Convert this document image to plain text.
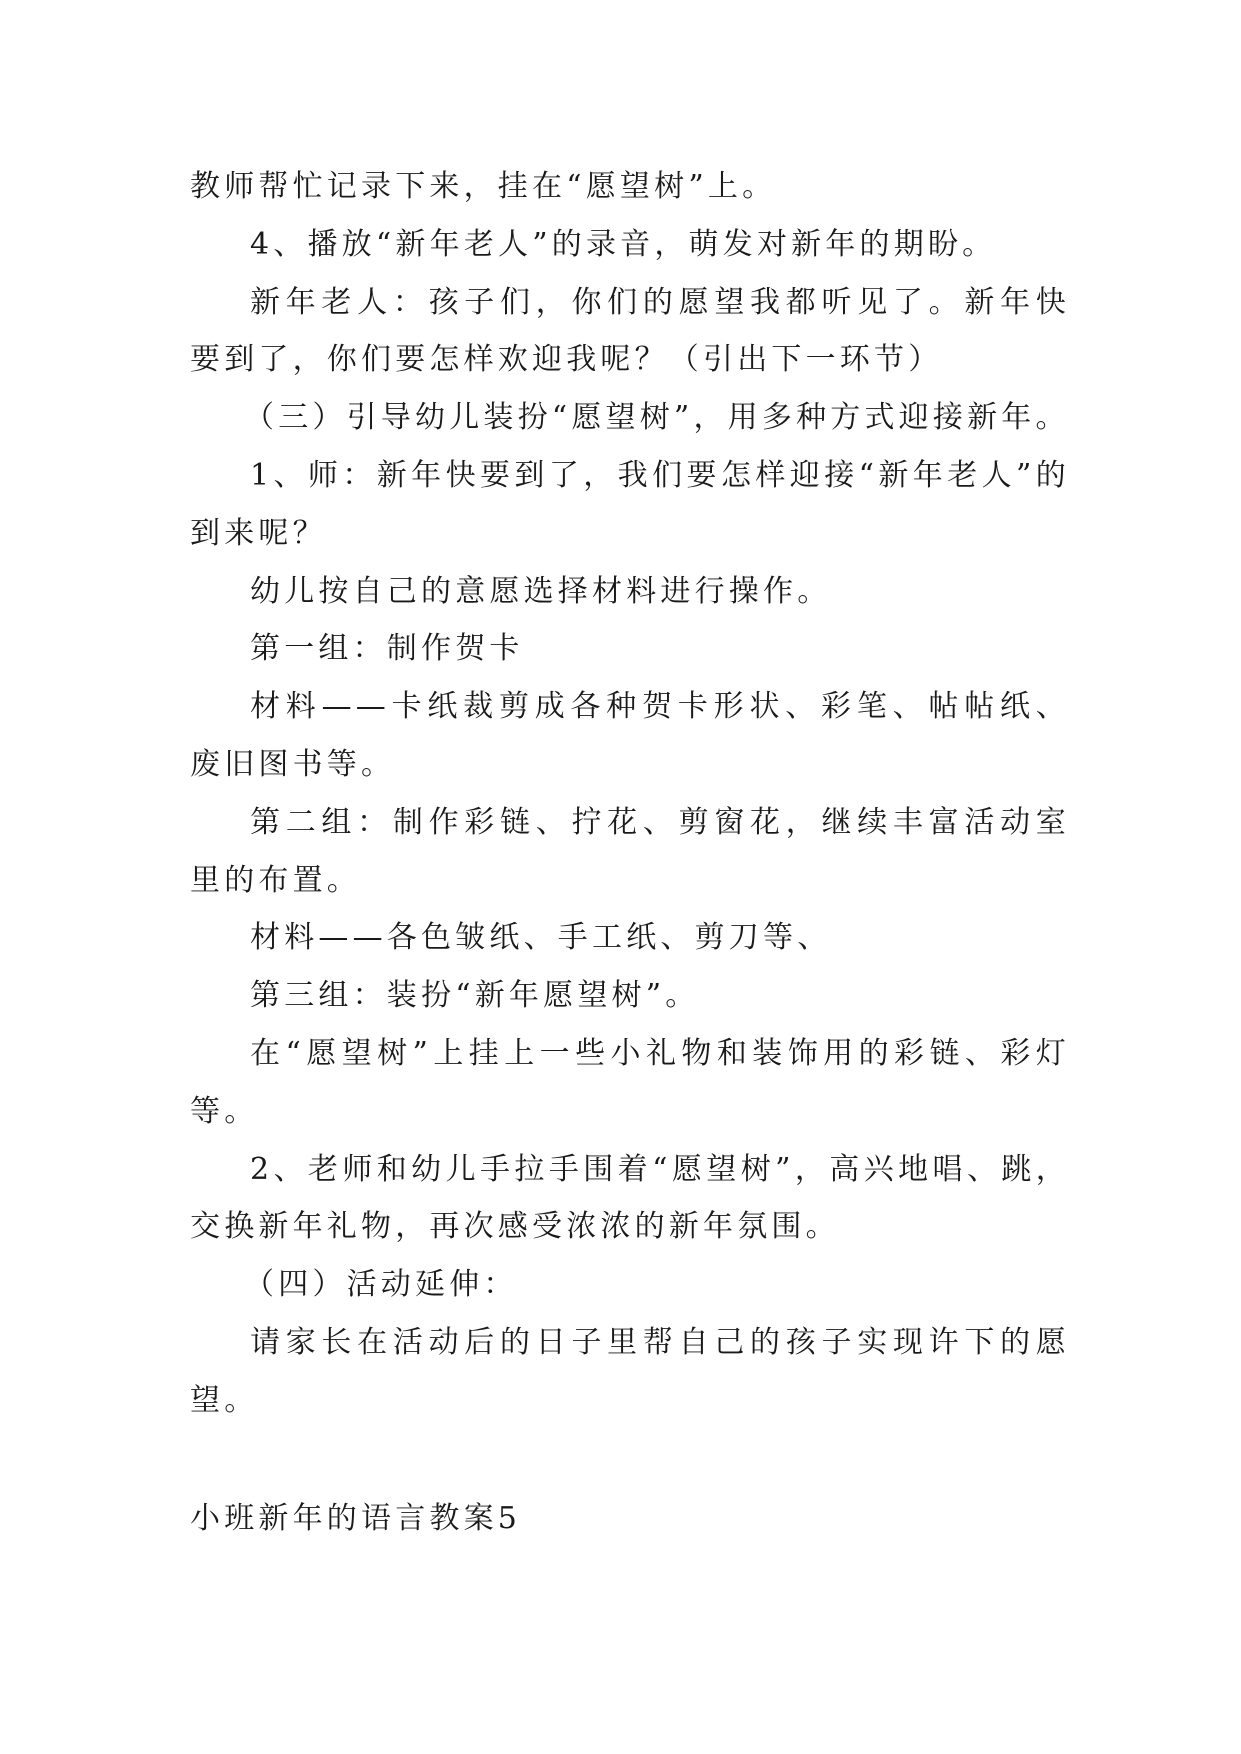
教师帮忙记录下来，挂在“愿望树”上。

4、播放“新年老人”的录音，萌发对新年的期盼。

新年老人：孩子们，你们的愿望我都听见了。新年快要到了，你们要怎样欢迎我呢？（引出下一环节）

（三）引导幼儿装扮“愿望树”，用多种方式迎接新年。

1、师：新年快要到了，我们要怎样迎接“新年老人”的到来呢？

幼儿按自己的意愿选择材料进行操作。

第一组：制作贺卡

材料——卡纸裁剪成各种贺卡形状、彩笔、帖帖纸、废旧图书等。

第二组：制作彩链、拧花、剪窗花，继续丰富活动室里的布置。

材料——各色皱纸、手工纸、剪刀等、

第三组：装扮“新年愿望树”。

在“愿望树”上挂上一些小礼物和装饰用的彩链、彩灯等。

2、老师和幼儿手拉手围着“愿望树”，高兴地唱、跳，交换新年礼物，再次感受浓浓的新年氛围。

（四）活动延伸：

请家长在活动后的日子里帮自己的孩子实现许下的愿望。

小班新年的语言教案5
